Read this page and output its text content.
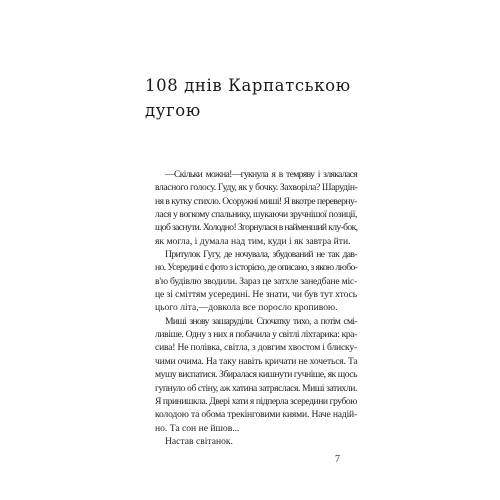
108 днів Карпатською
дугою
—Скільки можна!—гукнула я в темряву і злякалася
власного голосу. Гуду, як у бочку. Захворіла? Шарудін-
ня в кутку стихло. Осоружні миші! Я вкотре переверну-
лася у вогкому спальнику, шукаючи зручнішої позиції,
щоб заснути. Холодно! Згорнулася в найменший клу-бок,
як могла, і думала над тим, куди і як завтра йти.
Притулок Гугу, де ночувала, збудований не так дав-
но. Усередині є фото з історією, де описано, з якою любо-
в'ю будівлю зводили. Зараз це затхле занедбане міс-
це зі сміттям усередині. Не знати, чи був тут хтось
цього літа,—довкола все поросло кропивою.
Миші знову зашаруділи. Спочатку тихо, а потім смі-
ливіше. Одну з них я побачила у світлі ліхтарика: кра-
сива! Не полівка, світла, з довгим хвостом і блиску-
чими очима. На таку навіть кричати не хочеться. Та
мушу виспатися. Збиралася кишнути гучніше, як щось
гупнуло об стіну, аж хатина затряслася. Миші затихли.
Я принишкла. Двері хати я підперла зсередини грубою
колодою та обома трекінговими киями. Наче надій-
но. Та сон не йшов...
Настав світанок.
7
